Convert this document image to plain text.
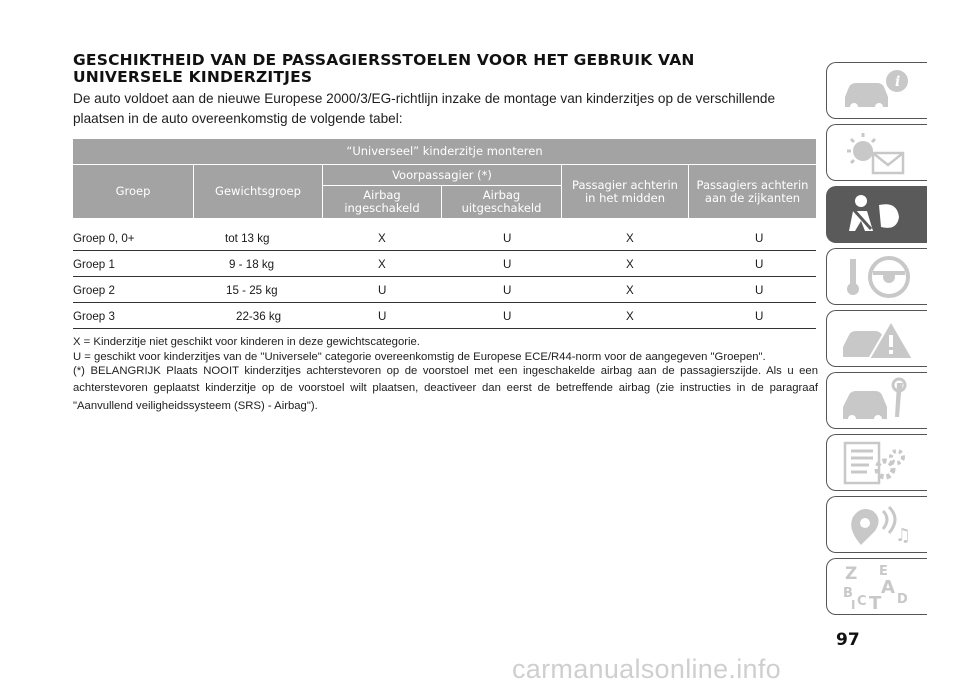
GESCHIKTHEID VAN DE PASSAGIERSSTOELEN VOOR HET GEBRUIK VAN
UNIVERSELE KINDERZITJES
De auto voldoet aan de nieuwe Europese 2000/3/EG-richtlijn inzake de montage van kinderzitjes op de verschillende plaatsen in de auto overeenkomstig de volgende tabel:
“Universeel” kinderzitje monteren
Groep	Gewichtsgroep
Voorpassagier (*)
Airbag ingeschakeld
Airbag uitgeschakeld
Passagier achterin in het midden
Passagiers achterin aan de zijkanten
Groep 0, 0+	tot 13 kg	X	U	X	U
Groep 1	9 - 18 kg	X	U	X	U
Groep 2	15 - 25 kg	U	U	X	U
Groep 3	22-36 kg	U	U	X	U

X = Kinderzitje niet geschikt voor kinderen in deze gewichtscategorie.

U = geschikt voor kinderzitjes van de "Universele" categorie overeenkomstig de Europese ECE/R44-norm voor de aangegeven "Groepen".

(*) BELANGRIJK Plaats NOOIT kinderzitjes achterstevoren op de voorstoel met een ingeschakelde airbag aan de passagierszijde. Als u een achterstevoren geplaatst kinderzitje op de voorstoel wilt plaatsen, deactiveer dan eerst de betreffende airbag (zie instructies in de paragraaf "Aanvullend veiligheidssysteem (SRS) - Airbag").

i
♫
Z E
A
B
C T
I	D
97
carmanualsonline.info
